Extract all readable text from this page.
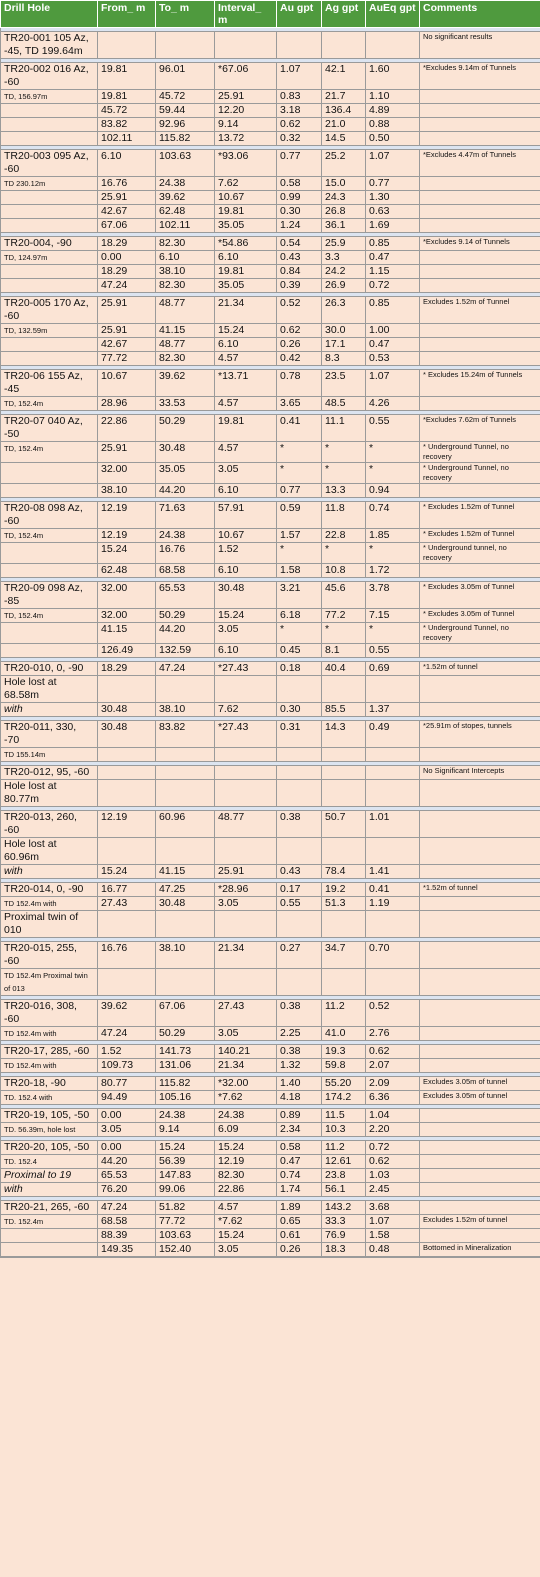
Drill Hole	From_ m	To_ m	Interval_ m	Au gpt	Ag gpt	AuEq gpt	Comments

TR20-001 105 Az, -45, TD 199.64m							No significant results

TR20-002 016 Az, -60	19.81	96.01	*67.06	1.07	42.1	1.60	*Excludes 9.14m of Tunnels
TD, 156.97m	19.81	45.72	25.91	0.83	21.7	1.10	
	45.72	59.44	12.20	3.18	136.4	4.89	
	83.82	92.96	9.14	0.62	21.0	0.88	
	102.11	115.82	13.72	0.32	14.5	0.50	

TR20-003 095 Az, -60	6.10	103.63	*93.06	0.77	25.2	1.07	*Excludes 4.47m of Tunnels
TD 230.12m	16.76	24.38	7.62	0.58	15.0	0.77	
	25.91	39.62	10.67	0.99	24.3	1.30	
	42.67	62.48	19.81	0.30	26.8	0.63	
	67.06	102.11	35.05	1.24	36.1	1.69	

TR20-004, -90	18.29	82.30	*54.86	0.54	25.9	0.85	*Excludes 9.14 of Tunnels
TD, 124.97m	0.00	6.10	6.10	0.43	3.3	0.47	
	18.29	38.10	19.81	0.84	24.2	1.15	
	47.24	82.30	35.05	0.39	26.9	0.72	

TR20-005 170 Az, -60	25.91	48.77	21.34	0.52	26.3	0.85	Excludes 1.52m of Tunnel
TD, 132.59m	25.91	41.15	15.24	0.62	30.0	1.00	
	42.67	48.77	6.10	0.26	17.1	0.47	
	77.72	82.30	4.57	0.42	8.3	0.53	

TR20-06 155 Az, -45	10.67	39.62	*13.71	0.78	23.5	1.07	* Excludes 15.24m of Tunnels
TD, 152.4m	28.96	33.53	4.57	3.65	48.5	4.26	

TR20-07 040 Az, -50	22.86	50.29	19.81	0.41	11.1	0.55	*Excludes 7.62m of Tunnels
TD, 152.4m	25.91	30.48	4.57	*	*	*	* Underground Tunnel, no recovery
	32.00	35.05	3.05	*	*	*	* Underground Tunnel, no recovery
	38.10	44.20	6.10	0.77	13.3	0.94	

TR20-08 098 Az, -60	12.19	71.63	57.91	0.59	11.8	0.74	* Excludes 1.52m of Tunnel
TD, 152.4m	12.19	24.38	10.67	1.57	22.8	1.85	* Excludes 1.52m of Tunnel
	15.24	16.76	1.52	*	*	*	* Underground tunnel, no recovery
	62.48	68.58	6.10	1.58	10.8	1.72	

TR20-09 098 Az, -85	32.00	65.53	30.48	3.21	45.6	3.78	* Excludes 3.05m of Tunnel
TD, 152.4m	32.00	50.29	15.24	6.18	77.2	7.15	* Excludes 3.05m of Tunnel
	41.15	44.20	3.05	*	*	*	* Underground Tunnel, no recovery
	126.49	132.59	6.10	0.45	8.1	0.55	

TR20-010, 0, -90	18.29	47.24	*27.43	0.18	40.4	0.69	*1.52m of tunnel
Hole lost at 68.58m							
with	30.48	38.10	7.62	0.30	85.5	1.37	

TR20-011, 330, -70	30.48	83.82	*27.43	0.31	14.3	0.49	*25.91m of stopes, tunnels
TD 155.14m							

TR20-012, 95, -60							No Significant Intercepts
Hole lost at 80.77m							

TR20-013, 260, -60	12.19	60.96	48.77	0.38	50.7	1.01	
Hole lost at 60.96m							
with	15.24	41.15	25.91	0.43	78.4	1.41	

TR20-014, 0, -90	16.77	47.25	*28.96	0.17	19.2	0.41	*1.52m of tunnel
TD 152.4m with	27.43	30.48	3.05	0.55	51.3	1.19	
Proximal twin of 010							

TR20-015, 255, -60	16.76	38.10	21.34	0.27	34.7	0.70	
TD 152.4m Proximal twin of 013							

TR20-016, 308, -60	39.62	67.06	27.43	0.38	11.2	0.52	
TD 152.4m with	47.24	50.29	3.05	2.25	41.0	2.76	

TR20-17, 285, -60	1.52	141.73	140.21	0.38	19.3	0.62	
TD 152.4m with	109.73	131.06	21.34	1.32	59.8	2.07	

TR20-18, -90	80.77	115.82	*32.00	1.40	55.20	2.09	Excludes 3.05m of tunnel
TD. 152.4 with	94.49	105.16	*7.62	4.18	174.2	6.36	Excludes 3.05m of tunnel

TR20-19, 105, -50	0.00	24.38	24.38	0.89	11.5	1.04	
TD. 56.39m, hole lost	3.05	9.14	6.09	2.34	10.3	2.20	

TR20-20, 105, -50	0.00	15.24	15.24	0.58	11.2	0.72	
TD. 152.4	44.20	56.39	12.19	0.47	12.61	0.62	
Proximal to 19	65.53	147.83	82.30	0.74	23.8	1.03	
with	76.20	99.06	22.86	1.74	56.1	2.45	

TR20-21, 265, -60	47.24	51.82	4.57	1.89	143.2	3.68	
TD. 152.4m	68.58	77.72	*7.62	0.65	33.3	1.07	Excludes 1.52m of tunnel
	88.39	103.63	15.24	0.61	76.9	1.58	
	149.35	152.40	3.05	0.26	18.3	0.48	Bottomed in Mineralization
